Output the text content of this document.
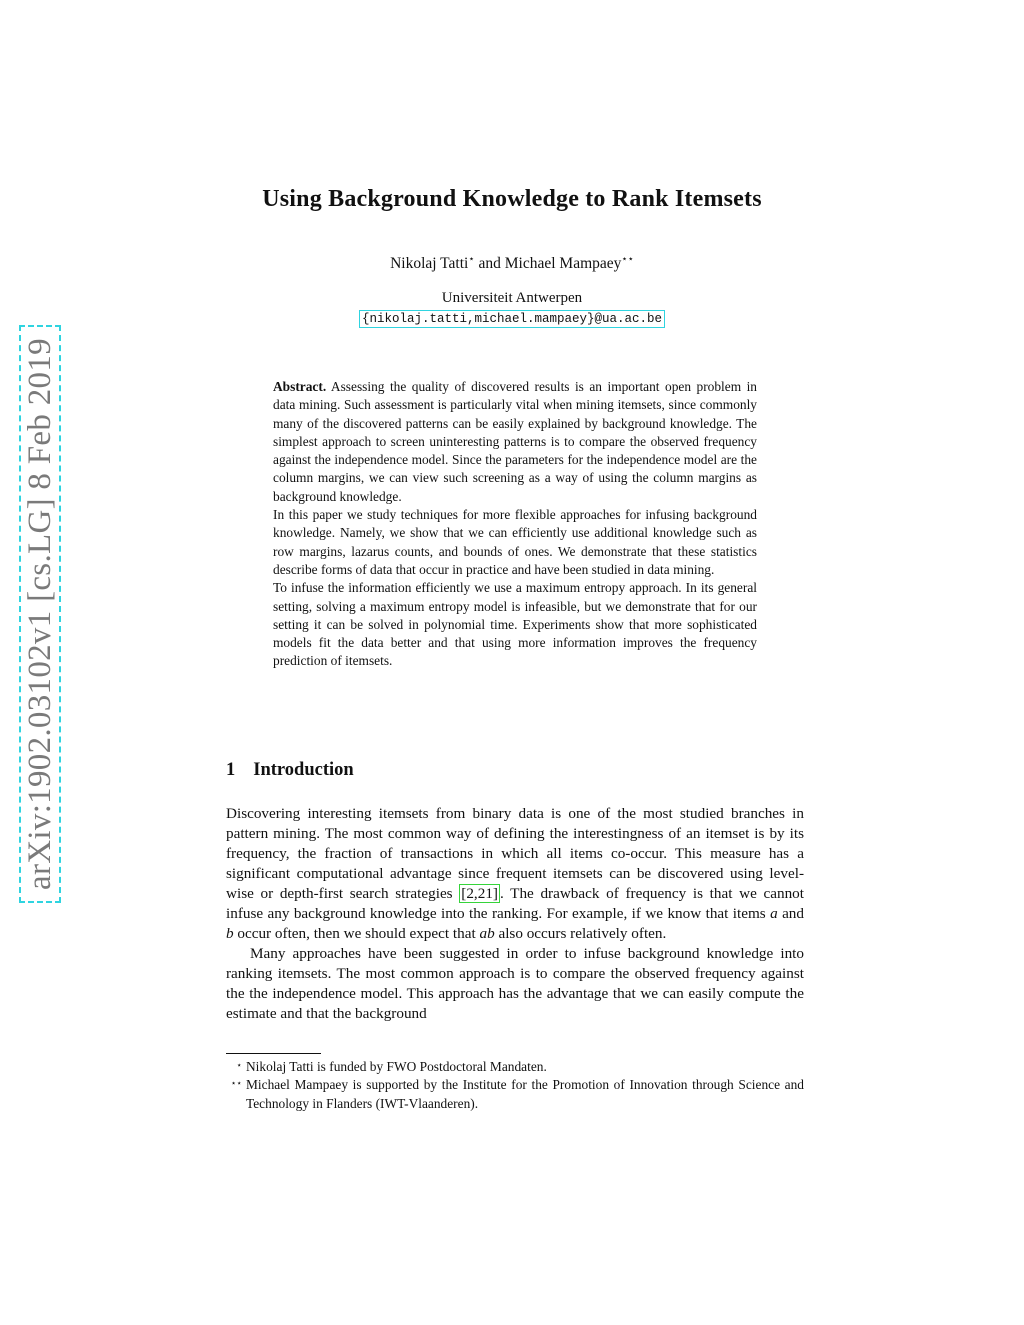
arXiv:1902.03102v1 [cs.LG] 8 Feb 2019
Using Background Knowledge to Rank Itemsets
Nikolaj Tatti⋆ and Michael Mampaey⋆⋆
Universiteit Antwerpen
{nikolaj.tatti,michael.mampaey}@ua.ac.be

Abstract. Assessing the quality of discovered results is an important open problem in data mining. Such assessment is particularly vital when mining itemsets, since commonly many of the discovered patterns can be easily explained by background knowledge. The simplest approach to screen uninteresting patterns is to compare the observed frequency against the independence model. Since the parameters for the independence model are the column margins, we can view such screening as a way of using the column margins as background knowledge.

In this paper we study techniques for more flexible approaches for infusing background knowledge. Namely, we show that we can efficiently use additional knowledge such as row margins, lazarus counts, and bounds of ones. We demonstrate that these statistics describe forms of data that occur in practice and have been studied in data mining.

To infuse the information efficiently we use a maximum entropy approach. In its general setting, solving a maximum entropy model is infeasible, but we demonstrate that for our setting it can be solved in polynomial time. Experiments show that more sophisticated models fit the data better and that using more information improves the frequency prediction of itemsets.

1 Introduction

Discovering interesting itemsets from binary data is one of the most studied branches in pattern mining. The most common way of defining the interestingness of an itemset is by its frequency, the fraction of transactions in which all items co-occur. This measure has a significant computational advantage since frequent itemsets can be discovered using level-wise or depth-first search strategies [2,21] . The drawback of frequency is that we cannot infuse any background knowledge into the ranking. For example, if we know that items a and b occur often, then we should expect that ab also occurs relatively often.

Many approaches have been suggested in order to infuse background knowledge into ranking itemsets. The most common approach is to compare the observed frequency against the the independence model. This approach has the advantage that we can easily compute the estimate and that the background

⋆ Nikolaj Tatti is funded by FWO Postdoctoral Mandaten.
⋆⋆ Michael Mampaey is supported by the Institute for the Promotion of Innovation through Science and Technology in Flanders (IWT-Vlaanderen).
